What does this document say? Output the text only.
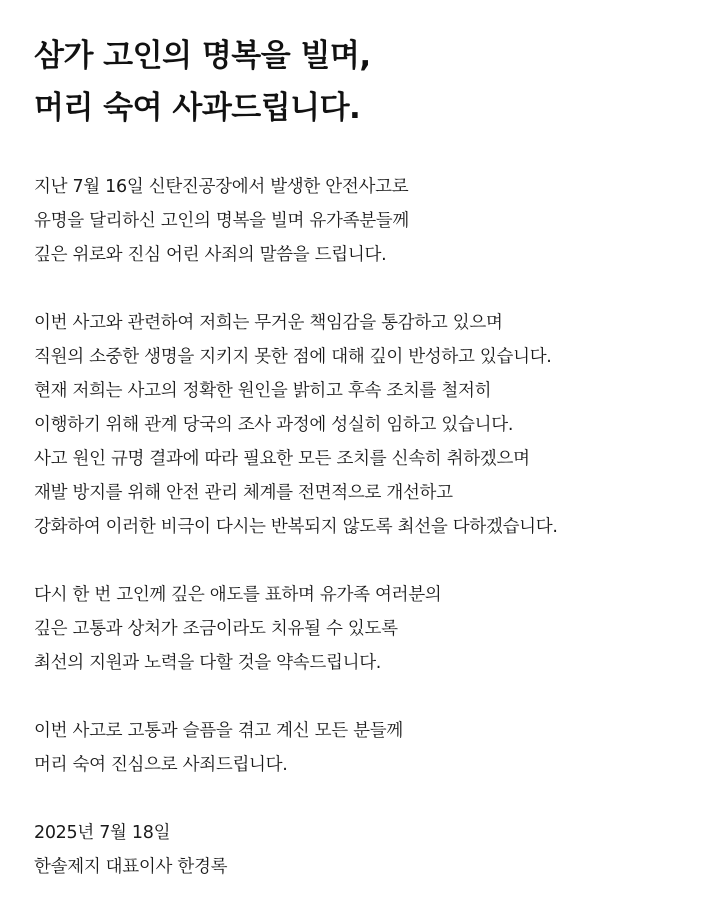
삼가 고인의 명복을 빌며,
머리 숙여 사과드립니다.
지난 7월 16일 신탄진공장에서 발생한 안전사고로
유명을 달리하신 고인의 명복을 빌며 유가족분들께
깊은 위로와 진심 어린 사죄의 말씀을 드립니다.
이번 사고와 관련하여 저희는 무거운 책임감을 통감하고 있으며
직원의 소중한 생명을 지키지 못한 점에 대해 깊이 반성하고 있습니다.
현재 저희는 사고의 정확한 원인을 밝히고 후속 조치를 철저히
이행하기 위해 관계 당국의 조사 과정에 성실히 임하고 있습니다.
사고 원인 규명 결과에 따라 필요한 모든 조치를 신속히 취하겠으며
재발 방지를 위해 안전 관리 체계를 전면적으로 개선하고
강화하여 이러한 비극이 다시는 반복되지 않도록 최선을 다하겠습니다.
다시 한 번 고인께 깊은 애도를 표하며 유가족 여러분의
깊은 고통과 상처가 조금이라도 치유될 수 있도록
최선의 지원과 노력을 다할 것을 약속드립니다.
이번 사고로 고통과 슬픔을 겪고 계신 모든 분들께
머리 숙여 진심으로 사죄드립니다.
2025년 7월 18일
한솔제지 대표이사 한경록
